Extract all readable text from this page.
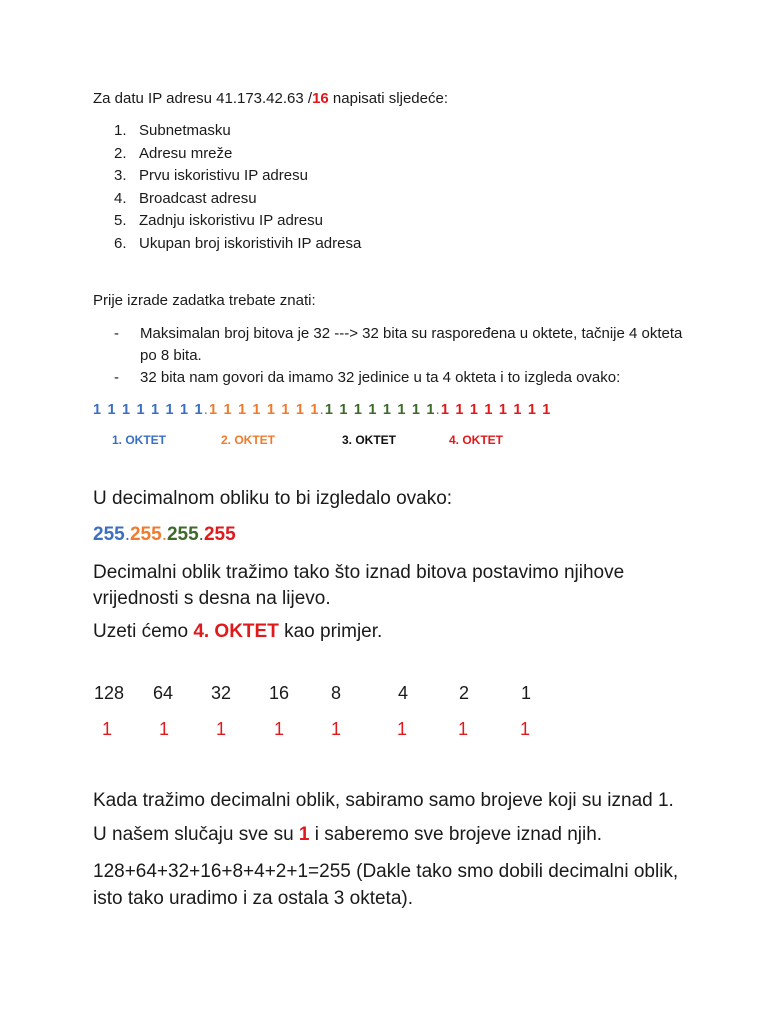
Za datu IP adresu 41.173.42.63 /16 napisati sljedeće:
1. Subnetmasku
2. Adresu mreže
3. Prvu iskoristivu IP adresu
4. Broadcast adresu
5. Zadnju iskoristivu IP adresu
6. Ukupan broj iskoristivih IP adresa
Prije izrade zadatka trebate znati:
- Maksimalan broj bitova je 32 ---> 32 bita su raspoređena u oktete, tačnije 4 okteta po 8 bita.
- 32 bita nam govori da imamo 32 jedinice u ta 4 okteta i to izgleda ovako:
1 1 1 1 1 1 1 1.1 1 1 1 1 1 1 1.1 1 1 1 1 1 1 1.1 1 1 1 1 1 1 1
1. OKTET	2. OKTET	3. OKTET	4. OKTET
U decimalnom obliku to bi izgledalo ovako:
255.255.255.255
Decimalni oblik tražimo tako što iznad bitova postavimo njihove vrijednosti s desna na lijevo.
Uzeti ćemo 4. OKTET kao primjer.
128 64 32 16 8	4	2	1
1	1	1	1	1	1	1	1
Kada tražimo decimalni oblik, sabiramo samo brojeve koji su iznad 1.
U našem slučaju sve su 1 i saberemo sve brojeve iznad njih.
128+64+32+16+8+4+2+1=255 (Dakle tako smo dobili decimalni oblik, isto tako uradimo i za ostala 3 okteta).
